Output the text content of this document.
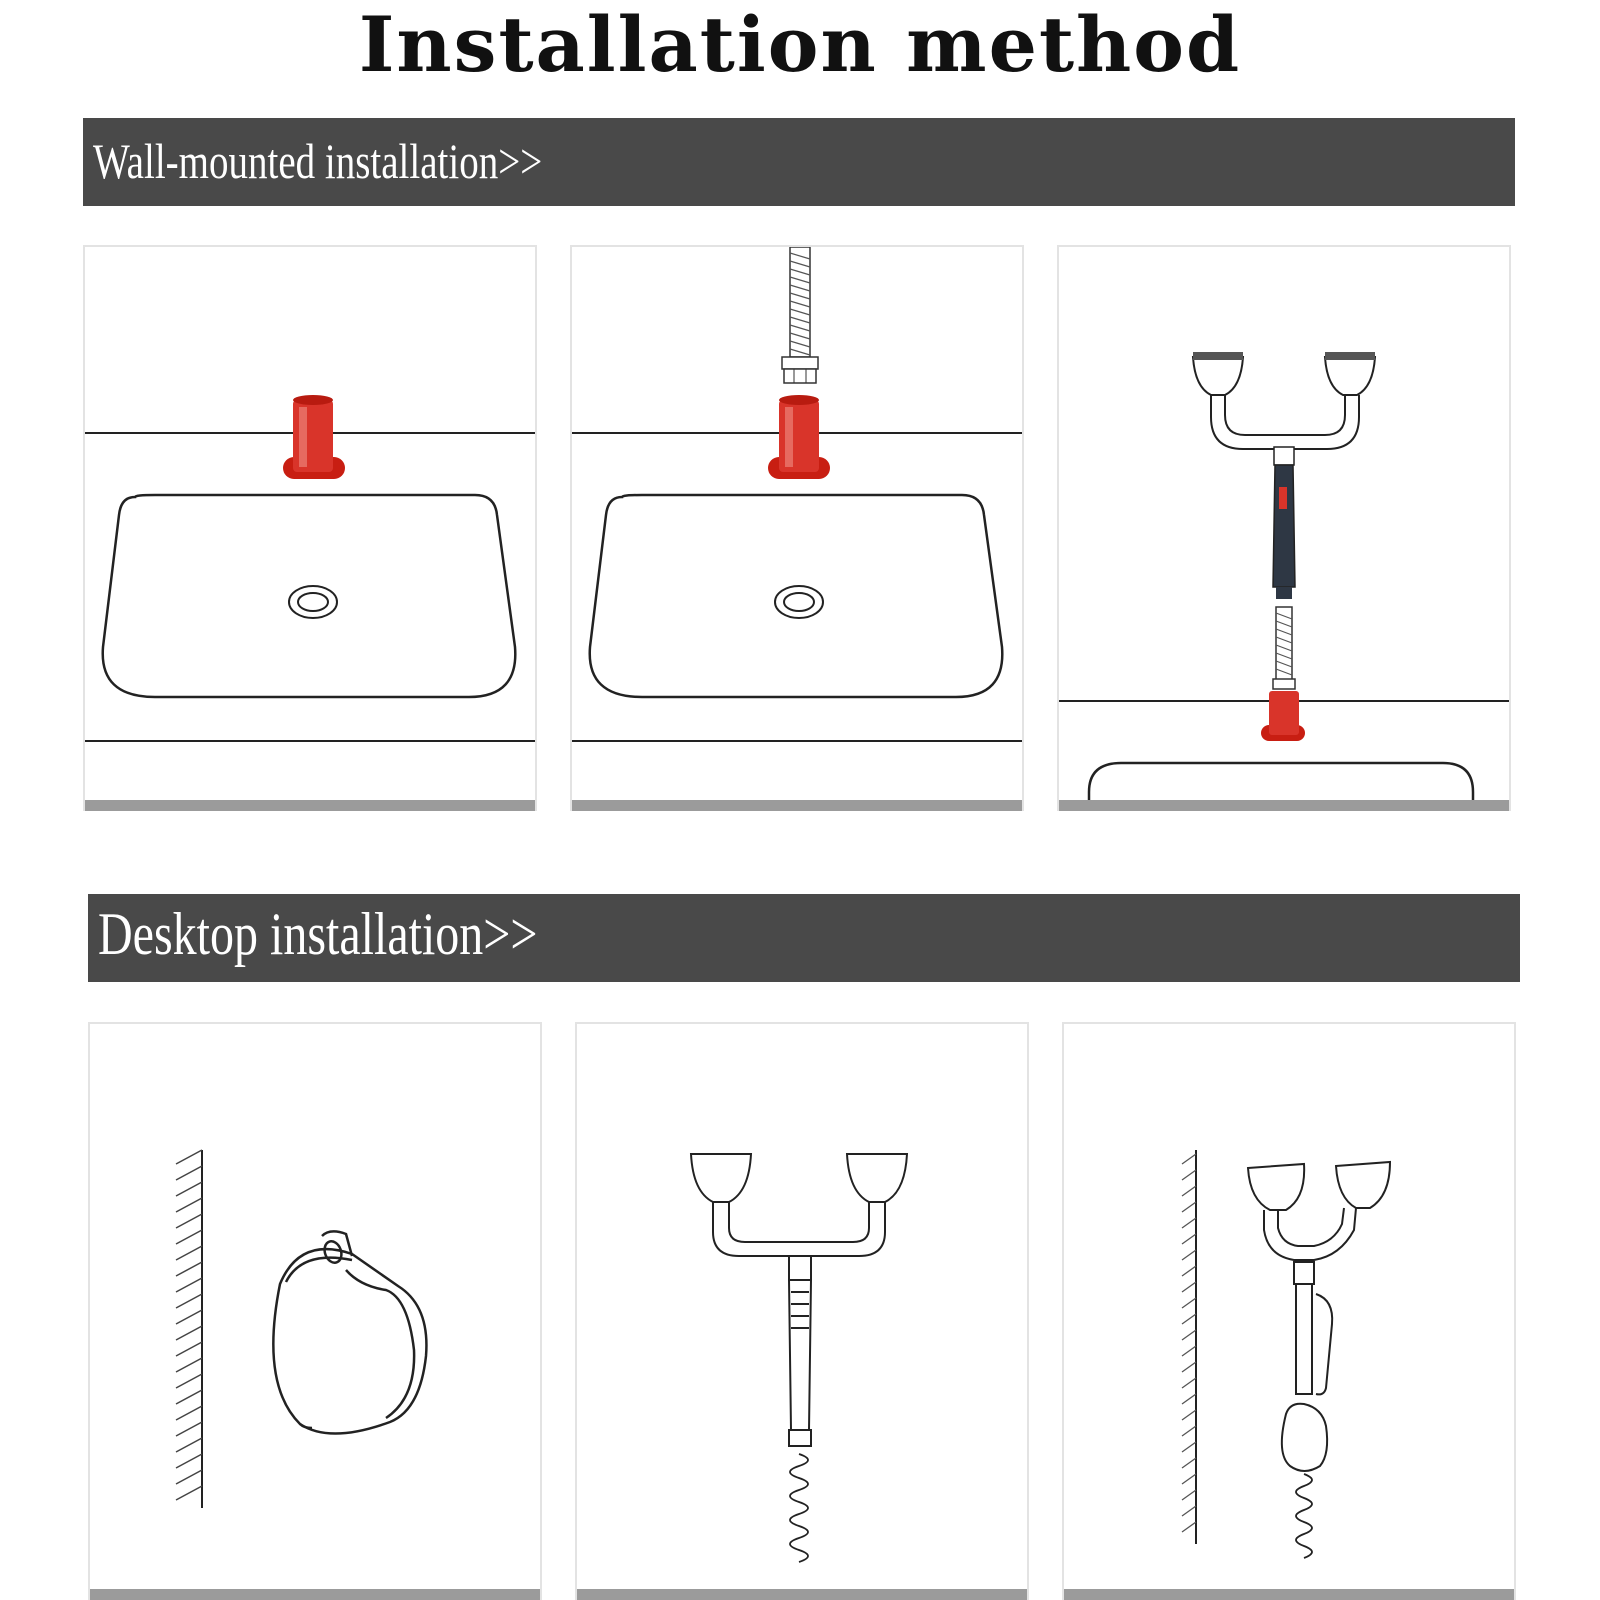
Installation method
Wall-mounted installation>>
Desktop installation>>
